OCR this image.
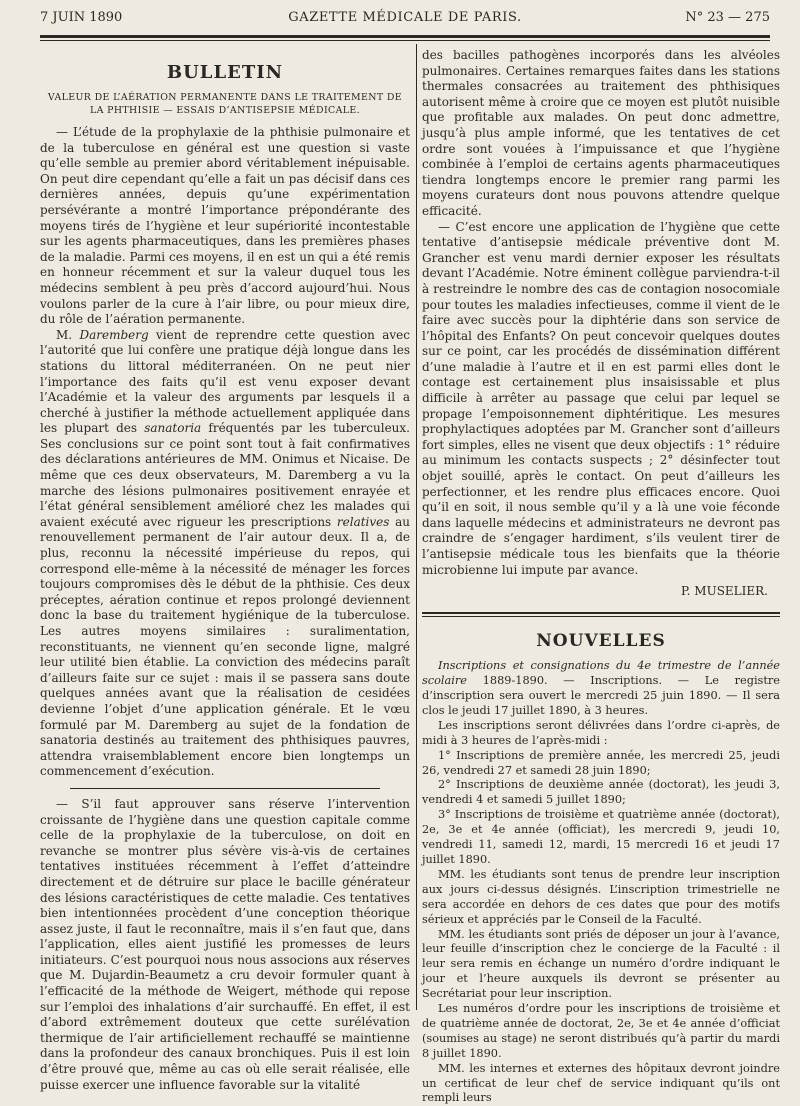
7 JUIN 1890	GAZETTE MÉDICALE DE PARIS.	N° 23 — 275
BULLETIN
VALEUR DE L’AÉRATION PERMANENTE DANS LE TRAITEMENT DE LA PHTHISIE — ESSAIS D’ANTISEPSIE MÉDICALE.

— L’étude de la prophylaxie de la phthisie pulmonaire et de la tuberculose en général est une question si vaste qu’elle semble au premier abord véritablement inépuisable. On peut dire cependant qu’elle a fait un pas décisif dans ces dernières années, depuis qu’une expérimentation persévérante a montré l’importance prépondérante des moyens tirés de l’hygiène et leur supériorité incontestable sur les agents pharmaceutiques, dans les premières phases de la maladie. Parmi ces moyens, il en est un qui a été remis en honneur récemment et sur la valeur duquel tous les médecins semblent à peu près d’accord aujourd’hui. Nous voulons parler de la cure à l’air libre, ou pour mieux dire, du rôle de l’aération permanente.

M. Daremberg vient de reprendre cette question avec l’autorité que lui confère une pratique déjà longue dans les stations du littoral méditerranéen. On ne peut nier l’importance des faits qu’il est venu exposer devant l’Académie et la valeur des arguments par lesquels il a cherché à justifier la méthode actuellement appliquée dans les plupart des sanatoria fréquentés par les tuberculeux. Ses conclusions sur ce point sont tout à fait confirmatives des déclarations antérieures de MM. Onimus et Nicaise. De même que ces deux observateurs, M. Daremberg a vu la marche des lésions pulmonaires positivement enrayée et l’état général sensiblement amélioré chez les malades qui avaient exécuté avec rigueur les prescriptions relatives au renouvellement permanent de l’air autour deux. Il a, de plus, reconnu la nécessité impérieuse du repos, qui correspond elle-même à la nécessité de ménager les forces toujours compromises dès le début de la phthisie. Ces deux préceptes, aération continue et repos prolongé deviennent donc la base du traitement hygiénique de la tuberculose. Les autres moyens similaires : suralimentation, reconstituants, ne viennent qu’en seconde ligne, malgré leur utilité bien établie. La conviction des médecins paraît d’ailleurs faite sur ce sujet : mais il se passera sans doute quelques années avant que la réalisation de cesidées devienne l’objet d’une application générale. Et le vœu formulé par M. Daremberg au sujet de la fondation de sanatoria destinés au traitement des phthisiques pauvres, attendra vraisemblablement encore bien longtemps un commencement d’exécution.

— S’il faut approuver sans réserve l’intervention croissante de l’hygiène dans une question capitale comme celle de la prophylaxie de la tuberculose, on doit en revanche se montrer plus sévère vis-à-vis de certaines tentatives instituées récemment à l’effet d’atteindre directement et de détruire sur place le bacille générateur des lésions caractéristiques de cette maladie. Ces tentatives bien intentionnées procèdent d’une conception théorique assez juste, il faut le reconnaître, mais il s’en faut que, dans l’application, elles aient justifié les promesses de leurs initiateurs. C’est pourquoi nous nous associons aux réserves que M. Dujardin-Beaumetz a cru devoir formuler quant à l’efficacité de la méthode de Weigert, méthode qui repose sur l’emploi des inhalations d’air surchauffé. En effet, il est d’abord extrêmement douteux que cette surélévation thermique de l’air artificiellement rechauffé se maintienne dans la profondeur des canaux bronchiques. Puis il est loin d’être prouvé que, même au cas où elle serait réalisée, elle puisse exercer une influence favorable sur la vitalité

des bacilles pathogènes incorporés dans les alvéoles pulmonaires. Certaines remarques faites dans les stations thermales consacrées au traitement des phthisiques autorisent même à croire que ce moyen est plutôt nuisible que profitable aux malades. On peut donc admettre, jusqu’à plus ample informé, que les tentatives de cet ordre sont vouées à l’impuissance et que l’hygiène combinée à l’emploi de certains agents pharmaceutiques tiendra longtemps encore le premier rang parmi les moyens curateurs dont nous pouvons attendre quelque efficacité.

— C’est encore une application de l’hygiène que cette tentative d’antisepsie médicale préventive dont M. Grancher est venu mardi dernier exposer les résultats devant l’Académie. Notre éminent collègue parviendra-t-il à restreindre le nombre des cas de contagion nosocomiale pour toutes les maladies infectieuses, comme il vient de le faire avec succès pour la diphtérie dans son service de l’hôpital des Enfants? On peut concevoir quelques doutes sur ce point, car les procédés de dissémination différent d’une maladie à l’autre et il en est parmi elles dont le contage est certainement plus insaisissable et plus difficile à arrêter au passage que celui par lequel se propage l’empoisonnement diphtéritique. Les mesures prophylactiques adoptées par M. Grancher sont d’ailleurs fort simples, elles ne visent que deux objectifs : 1° réduire au minimum les contacts suspects ; 2° désinfecter tout objet souillé, après le contact. On peut d’ailleurs les perfectionner, et les rendre plus efficaces encore. Quoi qu’il en soit, il nous semble qu’il y a là une voie féconde dans laquelle médecins et administrateurs ne devront pas craindre de s’engager hardiment, s’ils veulent tirer de l’antisepsie médicale tous les bienfaits que la théorie microbienne lui impute par avance.

P. MUSELIER.
NOUVELLES

Inscriptions et consignations du 4e trimestre de l’année scolaire 1889-1890. — Inscriptions. — Le registre d’inscription sera ouvert le mercredi 25 juin 1890. — Il sera clos le jeudi 17 juillet 1890, à 3 heures.

Les inscriptions seront délivrées dans l’ordre ci-après, de midi à 3 heures de l’après-midi :

1° Inscriptions de première année, les mercredi 25, jeudi 26, vendredi 27 et samedi 28 juin 1890;

2° Inscriptions de deuxième année (doctorat), les jeudi 3, vendredi 4 et samedi 5 juillet 1890;

3° Inscriptions de troisième et quatrième année (doctorat), 2e, 3e et 4e année (officiat), les mercredi 9, jeudi 10, vendredi 11, samedi 12, mardi, 15 mercredi 16 et jeudi 17 juillet 1890.

MM. les étudiants sont tenus de prendre leur inscription aux jours ci-dessus désignés. L’inscription trimestrielle ne sera accordée en dehors de ces dates que pour des motifs sérieux et appréciés par le Conseil de la Faculté.

MM. les étudiants sont priés de déposer un jour à l’avance, leur feuille d’inscription chez le concierge de la Faculté : il leur sera remis en échange un numéro d’ordre indiquant le jour et l’heure auxquels ils devront se présenter au Secrétariat pour leur inscription.

Les numéros d’ordre pour les inscriptions de troisième et de quatrième année de doctorat, 2e, 3e et 4e année d’officiat (soumises au stage) ne seront distribués qu’à partir du mardi 8 juillet 1890.

MM. les internes et externes des hôpitaux devront joindre un certificat de leur chef de service indiquant qu’ils ont rempli leurs
